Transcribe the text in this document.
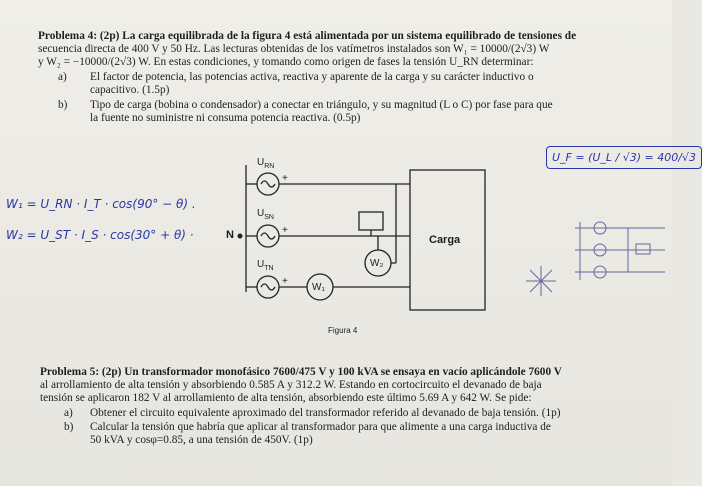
Problema 4: (2p) La carga equilibrada de la figura 4 está alimentada por un sistema equilibrado de tensiones de
secuencia directa de 400 V y 50 Hz. Las lecturas obtenidas de los vatímetros instalados son W₁ = 10000/(2√3) W
y W₂ = −10000/(2√3) W. En estas condiciones, y tomando como origen de fases la tensión U_RN determinar:
a) El factor de potencia, las potencias activa, reactiva y aparente de la carga y su carácter inductivo o
capacitivo. (1.5p)
b) Tipo de carga (bobina o condensador) a conectar en triángulo, y su magnitud (L o C) por fase para que
la fuente no suministre ni consuma potencia reactiva. (0.5p)
$U_{RN}$
+
$U_{SN}$
+
$U_{TN}$
+
N
W₁
W₂
Carga
Figura 4
W₁ = U_RN · I_T · cos(90° − θ) .
W₂ = U_ST · I_S · cos(30° + θ) ·
U_F = (U_L / √3) = 400/√3
Problema 5: (2p) Un transformador monofásico 7600/475 V y 100 kVA se ensaya en vacío aplicándole 7600 V
al arrollamiento de alta tensión y absorbiendo 0.585 A y 312.2 W. Estando en cortocircuito el devanado de baja
tensión se aplicaron 182 V al arrollamiento de alta tensión, absorbiendo este último 5.69 A y 642 W. Se pide:
a) Obtener el circuito equivalente aproximado del transformador referido al devanado de baja tensión. (1p)
b) Calcular la tensión que habría que aplicar al transformador para que alimente a una carga inductiva de
50 kVA y cosφ=0.85, a una tensión de 450V. (1p)
